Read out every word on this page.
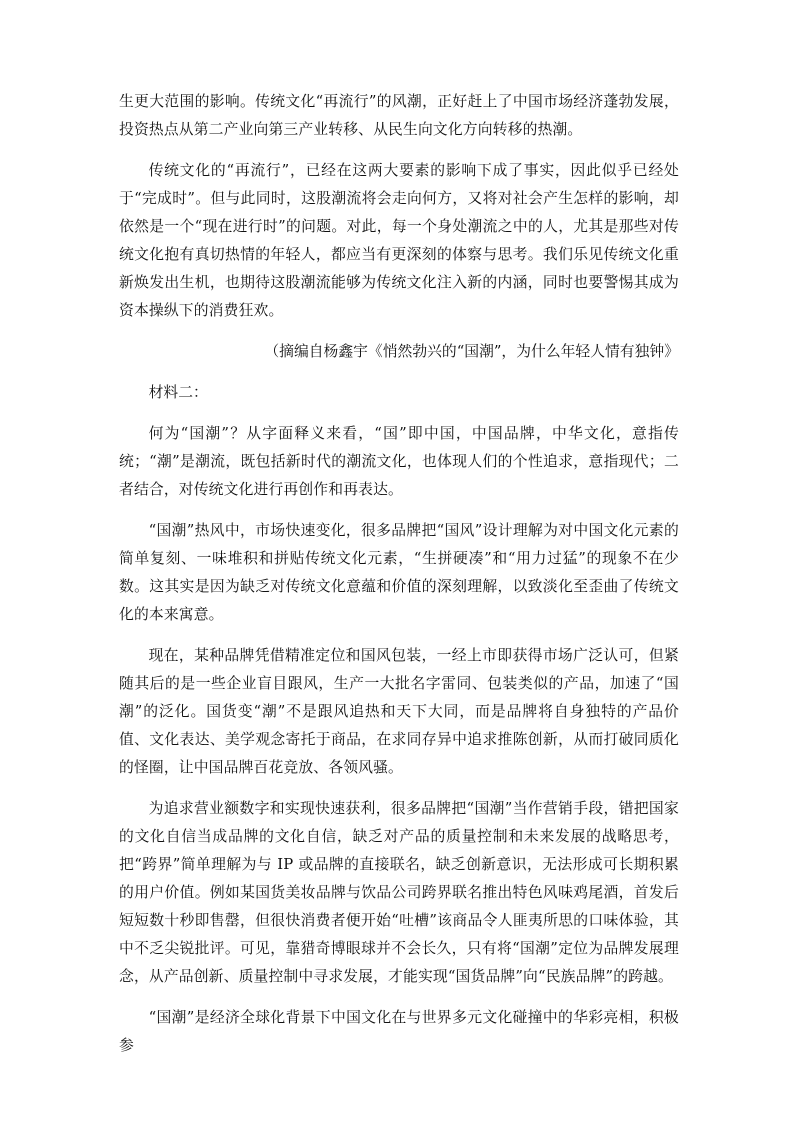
生更大范围的影响。传统文化“再流行”的风潮，正好赶上了中国市场经济蓬勃发展，投资热点从第二产业向第三产业转移、从民生向文化方向转移的热潮。

传统文化的“再流行”，已经在这两大要素的影响下成了事实，因此似乎已经处于“完成时”。但与此同时，这股潮流将会走向何方，又将对社会产生怎样的影响，却依然是一个“现在进行时”的问题。对此，每一个身处潮流之中的人，尤其是那些对传统文化抱有真切热情的年轻人，都应当有更深刻的体察与思考。我们乐见传统文化重新焕发出生机，也期待这股潮流能够为传统文化注入新的内涵，同时也要警惕其成为资本操纵下的消费狂欢。

（摘编自杨鑫宇《悄然勃兴的“国潮”，为什么年轻人情有独钟》

材料二：

何为“国潮”？从字面释义来看，“国”即中国，中国品牌，中华文化，意指传统；“潮”是潮流，既包括新时代的潮流文化，也体现人们的个性追求，意指现代；二者结合，对传统文化进行再创作和再表达。

“国潮”热风中，市场快速变化，很多品牌把“国风”设计理解为对中国文化元素的简单复刻、一味堆积和拼贴传统文化元素，“生拼硬凑”和“用力过猛”的现象不在少数。这其实是因为缺乏对传统文化意蕴和价值的深刻理解，以致淡化至歪曲了传统文化的本来寓意。

现在，某种品牌凭借精准定位和国风包装，一经上市即获得市场广泛认可，但紧随其后的是一些企业盲目跟风，生产一大批名字雷同、包装类似的产品，加速了“国潮”的泛化。国货变“潮”不是跟风追热和天下大同，而是品牌将自身独特的产品价值、文化表达、美学观念寄托于商品，在求同存异中追求推陈创新，从而打破同质化的怪圈，让中国品牌百花竞放、各领风骚。

为追求营业额数字和实现快速获利，很多品牌把“国潮”当作营销手段，错把国家的文化自信当成品牌的文化自信，缺乏对产品的质量控制和未来发展的战略思考，把“跨界”简单理解为与 IP 或品牌的直接联名，缺乏创新意识，无法形成可长期积累的用户价值。例如某国货美妆品牌与饮品公司跨界联名推出特色风味鸡尾酒，首发后短短数十秒即售罄，但很快消费者便开始“吐槽”该商品令人匪夷所思的口味体验，其中不乏尖锐批评。可见，靠猎奇博眼球并不会长久，只有将“国潮”定位为品牌发展理念，从产品创新、质量控制中寻求发展，才能实现“国货品牌”向“民族品牌”的跨越。

“国潮”是经济全球化背景下中国文化在与世界多元文化碰撞中的华彩亮相，积极参
